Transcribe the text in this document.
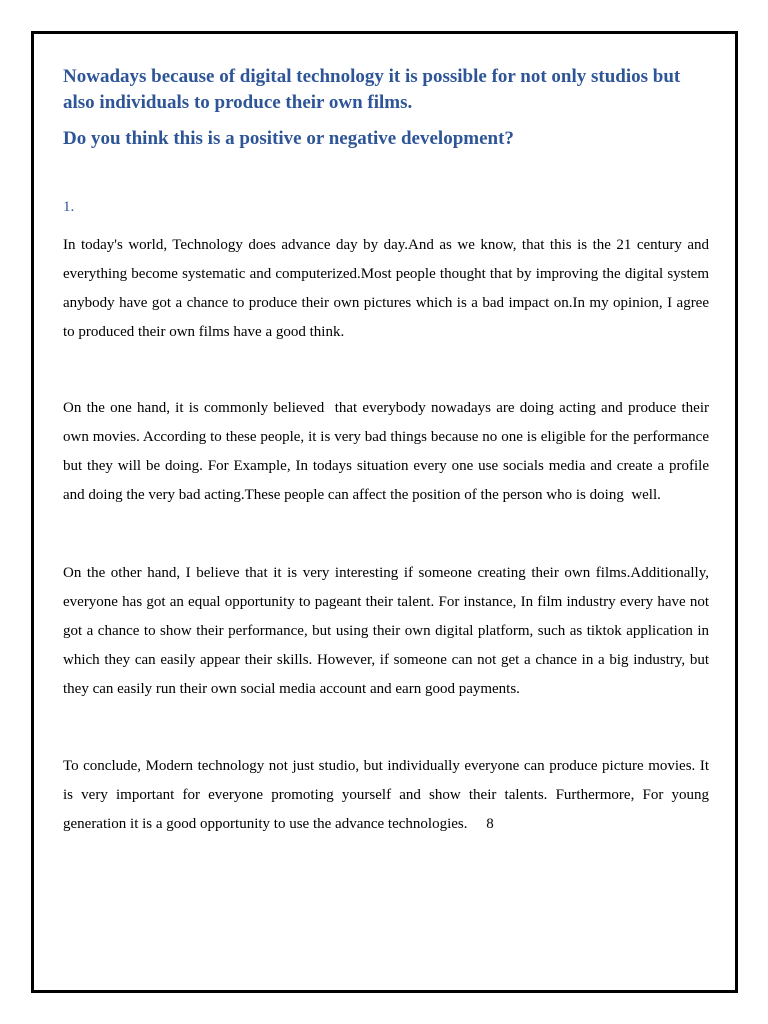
Nowadays because of digital technology it is possible for not only studios but also individuals to produce their own films.

Do you think this is a positive or negative development?

1.

In today's world, Technology does advance day by day.And as we know, that this is the 21 century and everything become systematic and computerized.Most people thought that by improving the digital system  anybody have got a chance to produce their own pictures which is a bad impact on.In my opinion, I agree to produced their own films have a good think.

On the one hand, it is commonly believed  that everybody nowadays are doing acting and produce their own movies. According to these people, it is very bad things because no one is eligible for the performance but they will be doing. For Example, In todays situation every one use socials media and create a profile and doing the very bad acting.These people can affect the position of the person who is doing  well.

On the other hand, I believe that it is very interesting if someone creating their own films.Additionally, everyone has got an equal opportunity to pageant their talent. For instance, In film industry every have not got a chance to show their performance, but using their own digital platform, such as tiktok application in which they can easily appear their skills. However, if someone can not get a chance in a big industry, but they can easily run their own social media account and earn good payments.

To conclude, Modern technology not just studio, but individually everyone can produce picture movies. It  is very important for everyone promoting yourself and show their talents. Furthermore, For young generation it is a good opportunity to use the advance technologies. 8
